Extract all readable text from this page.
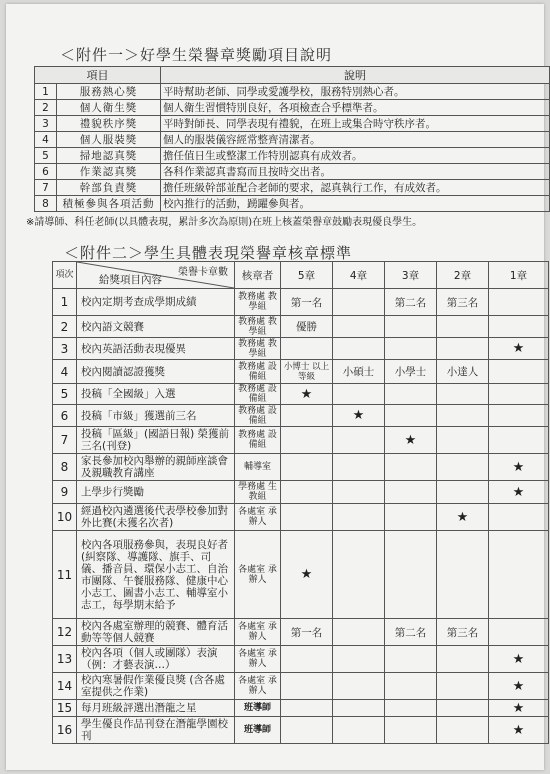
＜附件一＞好學生榮譽章獎勵項目說明
項目		說明
1	服務熱心獎	平時幫助老師、同學或愛護學校，服務特別熱心者。
2	個人衛生獎	個人衛生習慣特別良好，各項檢查合乎標準者。
3	禮貌秩序獎	平時對師長、同學表現有禮貌，在班上或集合時守秩序者。
4	個人服裝獎	個人的服裝儀容經常整齊清潔者。
5	掃地認真獎	擔任值日生或整潔工作特別認真有成效者。
6	作業認真獎	各科作業認真書寫而且按時交出者。
7	幹部負責獎	擔任班級幹部並配合老師的要求，認真執行工作，有成效者。
8	積極參與各項活動	校內推行的活動，踴躍參與者。
※請導師、科任老師(以具體表現，累計多次為原則)在班上核蓋榮譽章鼓勵表現優良學生。
＜附件二＞學生具體表現榮譽章核章標準
項次	榮譽卡章數
給獎項目內容	核章者	5章	4章	3章	2章	1章
1	校內定期考查成學期成績	教務處 教學組	第一名		第二名	第三名	
2	校內語文競賽	教務處 教學組	優勝				
3	校內英語活動表現優異	教務處 教學組					★
4	校內閱讀認證獲獎	教務處 設備組	小博士 以上等級	小碩士	小學士	小達人	
5	投稿「全國級」入選	教務處 設備組	★				
6	投稿「市級」獲選前三名	教務處 設備組		★			
7	投稿「區級」(國語日報) 榮獲前三名(刊登)	教務處 設備組			★		
8	家長參加校內舉辦的親師座談會及親職教育講座	輔導室					★
9	上學步行獎勵	學務處 生教組					★
10	經過校內遴選後代表學校參加對外比賽(未獲名次者)	各處室 承辦人				★	
11	校內各項服務參與，表現良好者(糾察隊、導護隊、旗手、司儀、播音員、環保小志工、自治市團隊、午餐服務隊、健康中心小志工、圖書小志工、輔導室小志工，每學期末給予	各處室 承辦人	★				
12	校內各處室辦理的競賽、體育活動等等個人競賽	各處室 承辦人	第一名		第二名	第三名	
13	校內各項（個人或團隊）表演（例：才藝表演…）	各處室 承辦人					★
14	校內寒暑假作業優良獎 (含各處室提供之作業)	各處室 承辦人					★
15	每月班級評選出潛龍之星	班導師					★
16	學生優良作品刊登在潛龍學園校刊	班導師					★
